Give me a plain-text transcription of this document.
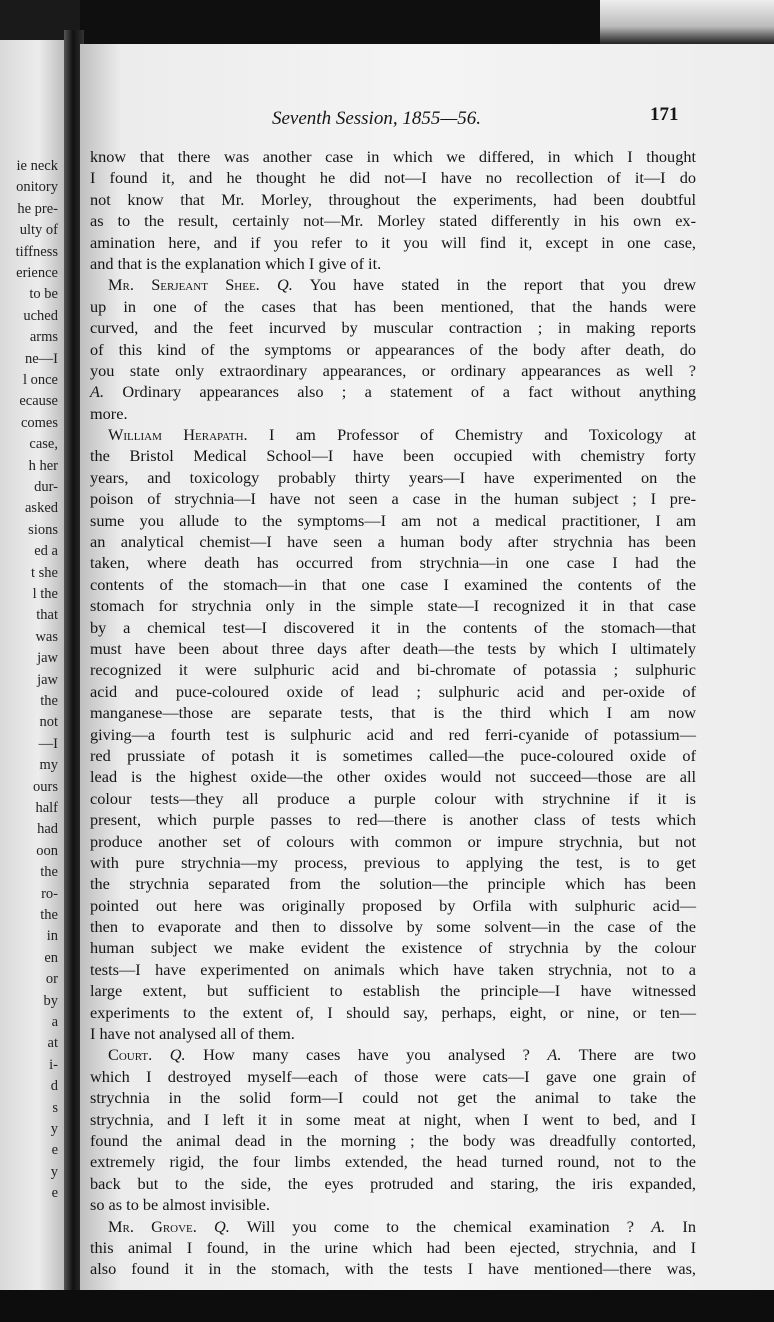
ie neck
onitory
he pre-
ulty of
tiffness
erience
to be
uched
arms
ne—I
l once
ecause
comes
case,
h her
dur-
asked
sions
ed a
t she
l the
that
was
jaw
jaw
the
not
—I
my
ours
half
had
oon
the
ro-
the
in
en
or
by
a
at
i-
d
s
y
e
y
e
Seventh Session, 1855—56.	171
know that there was another case in which we differed, in which I thought
I found it, and he thought he did not—I have no recollection of it—I do
not know that Mr. Morley, throughout the experiments, had been doubtful
as to the result, certainly not—Mr. Morley stated differently in his own ex-
amination here, and if you refer to it you will find it, except in one case,
and that is the explanation which I give of it.
Mr. Serjeant Shee. Q. You have stated in the report that you drew
up in one of the cases that has been mentioned, that the hands were
curved, and the feet incurved by muscular contraction ; in making reports
of this kind of the symptoms or appearances of the body after death, do
you state only extraordinary appearances, or ordinary appearances as well ?
A. Ordinary appearances also ; a statement of a fact without anything
more.
William Herapath. I am Professor of Chemistry and Toxicology at
the Bristol Medical School—I have been occupied with chemistry forty
years, and toxicology probably thirty years—I have experimented on the
poison of strychnia—I have not seen a case in the human subject ; I pre-
sume you allude to the symptoms—I am not a medical practitioner, I am
an analytical chemist—I have seen a human body after strychnia has been
taken, where death has occurred from strychnia—in one case I had the
contents of the stomach—in that one case I examined the contents of the
stomach for strychnia only in the simple state—I recognized it in that case
by a chemical test—I discovered it in the contents of the stomach—that
must have been about three days after death—the tests by which I ultimately
recognized it were sulphuric acid and bi-chromate of potassia ; sulphuric
acid and puce-coloured oxide of lead ; sulphuric acid and per-oxide of
manganese—those are separate tests, that is the third which I am now
giving—a fourth test is sulphuric acid and red ferri-cyanide of potassium—
red prussiate of potash it is sometimes called—the puce-coloured oxide of
lead is the highest oxide—the other oxides would not succeed—those are all
colour tests—they all produce a purple colour with strychnine if it is
present, which purple passes to red—there is another class of tests which
produce another set of colours with common or impure strychnia, but not
with pure strychnia—my process, previous to applying the test, is to get
the strychnia separated from the solution—the principle which has been
pointed out here was originally proposed by Orfila with sulphuric acid—
then to evaporate and then to dissolve by some solvent—in the case of the
human subject we make evident the existence of strychnia by the colour
tests—I have experimented on animals which have taken strychnia, not to a
large extent, but sufficient to establish the principle—I have witnessed
experiments to the extent of, I should say, perhaps, eight, or nine, or ten—
I have not analysed all of them.
Court. Q. How many cases have you analysed ? A. There are two
which I destroyed myself—each of those were cats—I gave one grain of
strychnia in the solid form—I could not get the animal to take the
strychnia, and I left it in some meat at night, when I went to bed, and I
found the animal dead in the morning ; the body was dreadfully contorted,
extremely rigid, the four limbs extended, the head turned round, not to the
back but to the side, the eyes protruded and staring, the iris expanded,
so as to be almost invisible.
Mr. Grove. Q. Will you come to the chemical examination ? A. In
this animal I found, in the urine which had been ejected, strychnia, and I
also found it in the stomach, with the tests I have mentioned—there was,
